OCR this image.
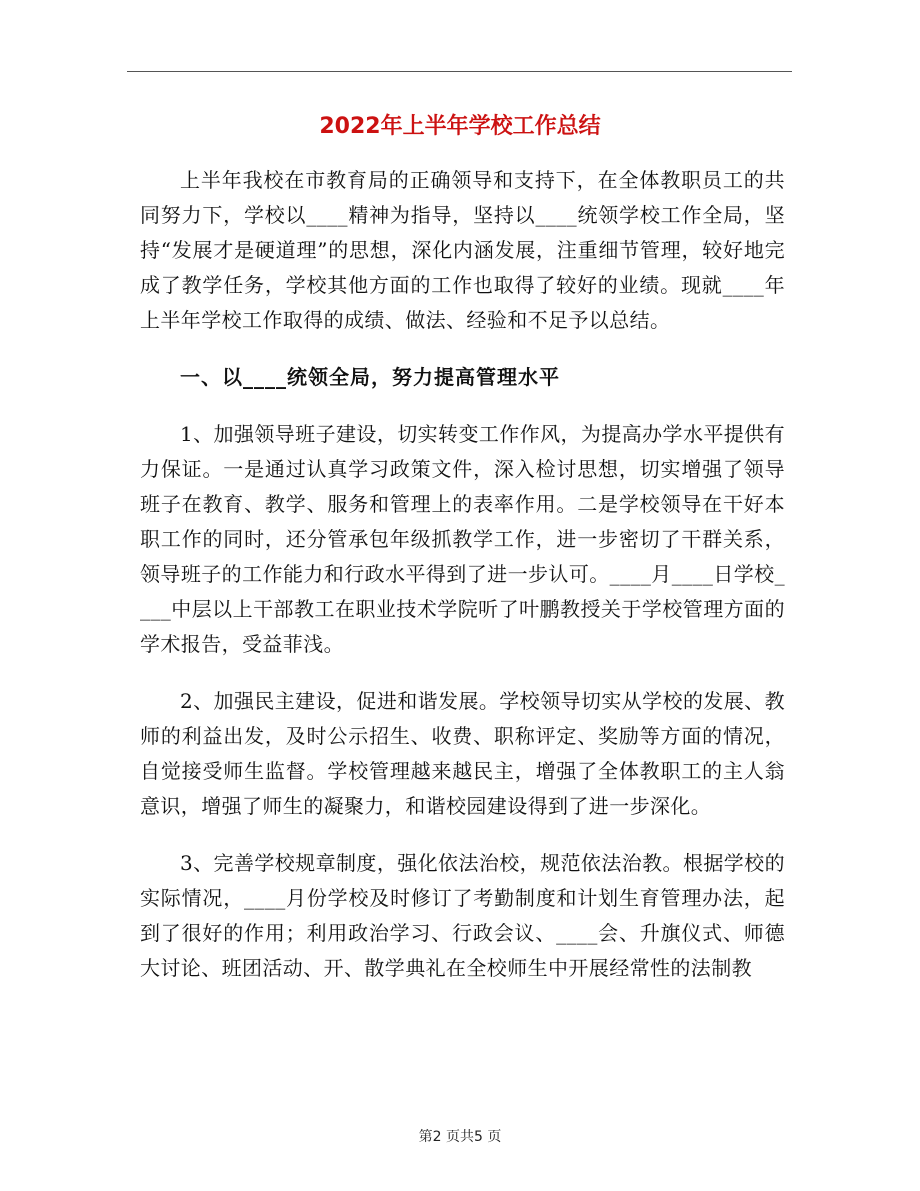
2022年上半年学校工作总结

上半年我校在市教育局的正确领导和支持下，在全体教职员工的共同努力下，学校以____精神为指导，坚持以____统领学校工作全局，坚持“发展才是硬道理”的思想，深化内涵发展，注重细节管理，较好地完成了教学任务，学校其他方面的工作也取得了较好的业绩。现就____年上半年学校工作取得的成绩、做法、经验和不足予以总结。

一、以____统领全局，努力提高管理水平

1、加强领导班子建设，切实转变工作作风，为提高办学水平提供有力保证。一是通过认真学习政策文件，深入检讨思想，切实增强了领导班子在教育、教学、服务和管理上的表率作用。二是学校领导在干好本职工作的同时，还分管承包年级抓教学工作，进一步密切了干群关系，领导班子的工作能力和行政水平得到了进一步认可。____月____日学校____中层以上干部教工在职业技术学院听了叶鹏教授关于学校管理方面的学术报告，受益菲浅。

2、加强民主建设，促进和谐发展。学校领导切实从学校的发展、教师的利益出发，及时公示招生、收费、职称评定、奖励等方面的情况，自觉接受师生监督。学校管理越来越民主，增强了全体教职工的主人翁意识，增强了师生的凝聚力，和谐校园建设得到了进一步深化。

3、完善学校规章制度，强化依法治校，规范依法治教。根据学校的实际情况，____月份学校及时修订了考勤制度和计划生育管理办法，起到了很好的作用；利用政治学习、行政会议、____会、升旗仪式、师德大讨论、班团活动、开、散学典礼在全校师生中开展经常性的法制教

第2 页共5 页
